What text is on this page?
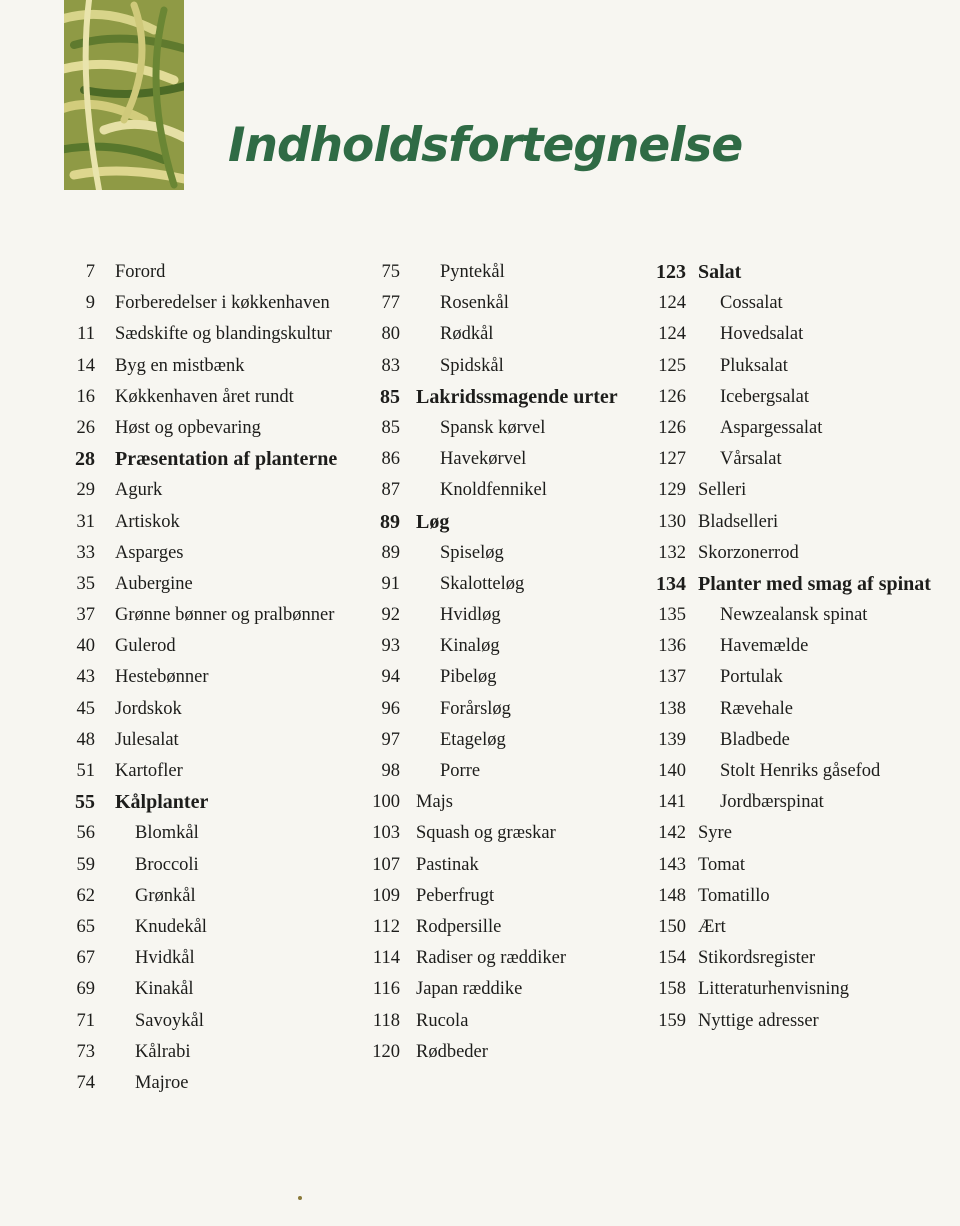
Indholdsfortegnelse
7 Forord
9 Forberedelser i køkkenhaven
11 Sædskifte og blandingskultur
14 Byg en mistbænk
16 Køkkenhaven året rundt
26 Høst og opbevaring
28 Præsentation af planterne
29 Agurk
31 Artiskok
33 Asparges
35 Aubergine
37 Grønne bønner og pralbønner
40 Gulerod
43 Hestebønner
45 Jordskok
48 Julesalat
51 Kartofler
55 Kålplanter
56 Blomkål
59 Broccoli
62 Grønkål
65 Knudekål
67 Hvidkål
69 Kinakål
71 Savoykål
73 Kålrabi
74 Majroe
75 Pyntekål
77 Rosenkål
80 Rødkål
83 Spidskål
85 Lakridssmagende urter
85 Spansk kørvel
86 Havekørvel
87 Knoldfennikel
89 Løg
89 Spiseløg
91 Skalotteløg
92 Hvidløg
93 Kinaløg
94 Pibeløg
96 Forårsløg
97 Etageløg
98 Porre
100 Majs
103 Squash og græskar
107 Pastinak
109 Peberfrugt
112 Rodpersille
114 Radiser og ræddiker
116 Japan ræddike
118 Rucola
120 Rødbeder
123 Salat
124 Cossalat
124 Hovedsalat
125 Pluksalat
126 Icebergsalat
126 Aspargessalat
127 Vårsalat
129 Selleri
130 Bladselleri
132 Skorzonerrod
134 Planter med smag af spinat
135 Newzealansk spinat
136 Havemælde
137 Portulak
138 Rævehale
139 Bladbede
140 Stolt Henriks gåsefod
141 Jordbærspinat
142 Syre
143 Tomat
148 Tomatillo
150 Ært
154 Stikordsregister
158 Litteraturhenvisning
159 Nyttige adresser
